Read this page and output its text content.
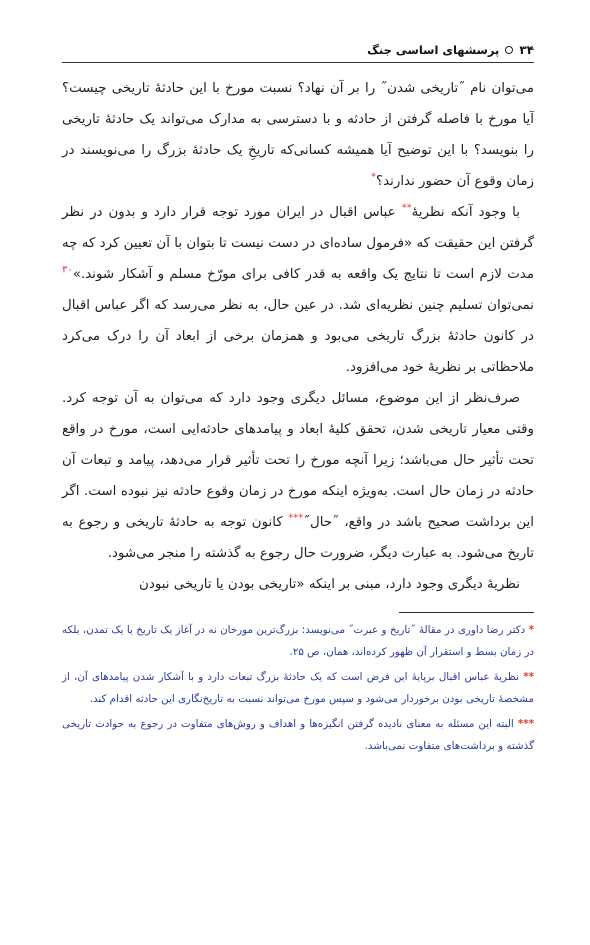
۳۴
پرسشهای اساسی جنگ

می‌توان نام ˝تاریخی شدن˝ را بر آن نهاد؟ نسبت مورخ با این حادثهٔ تاریخی چیست؟ آیا مورخ با فاصله گرفتن از حادثه و با دسترسی به مدارک می‌تواند یک حادثهٔ تاریخی را بنویسد؟ با این توضیح آیا همیشه کسانی‌که تاریخِ یک حادثهٔ بزرگ را می‌نویسند در زمان وقوع آن حضور ندارند؟*

با وجود آنکه نظریهٔ** عباس اقبال در ایران مورد توجه قرار دارد و بدون در نظر گرفتن این حقیقت که «فرمول ساده‌ای در دست نیست تا بتوان با آن تعیین کرد که چه مدت لازم است تا نتایج یک واقعه به قدر کافی برای مورّخ مسلم و آشکار شوند.»$^{۳۰}$ نمی‌توان تسلیم چنین نظریه‌ای شد. در عین حال، به نظر می‌رسد که اگر عباس اقبال در کانون حادثهٔ بزرگ تاریخی می‌بود و همزمان برخی از ابعاد آن را درک می‌کرد ملاحظاتی بر نظریهٔ خود می‌افزود.

صرف‌نظر از این موضوع، مسائل دیگری وجود دارد که می‌توان به آن توجه کرد. وقتی معیار تاریخی شدن، تحقق کلیهٔ ابعاد و پیامدهای حادثه‌ایی است، مورخ در واقع تحت تأثیر حال می‌باشد؛ زیرا آنچه مورخ را تحت تأثیر قرار می‌دهد، پیامد و تبعات آن حادثه در زمان حال است. به‌ویژه اینکه مورخ در زمان وقوع حادثه نیز نبوده است. اگر این برداشت صحیح باشد در واقع، ˝حال˝*** کانون توجه به حادثهٔ تاریخی و رجوع به تاریخ می‌شود. به عبارت دیگر، ضرورت حال رجوع به گذشته را منجر می‌شود.

نظریهٔ دیگری وجود دارد، مبنی بر اینکه «تاریخی بودن یا تاریخی نبودن

* دکتر رضا داوری در مقالهٔ ˝تاریخ و عبرت˝ می‌نویسد: بزرگ‌ترین مورخان نه در آغاز یک تاریخ یا یک تمدن، بلکه در زمان بسط و استقرار آن ظهور کرده‌اند، همان، ص ۲۵.

** نظریهٔ عباس اقبال برپایهٔ این فرض است که یک حادثهٔ بزرگ تبعات دارد و با آشکار شدن پیامدهای آن، از مشخصهٔ تاریخی بودن برخوردار می‌شود و سپس مورخ می‌تواند نسبت به تاریخ‌نگاری این حادثه اقدام کند.

*** البته این مسئله به معنای نادیده گرفتن انگیزه‌ها و اهداف و روش‌های متفاوت در رجوع به حوادث تاریخی گذشته و برداشت‌های متفاوت نمی‌باشد.
